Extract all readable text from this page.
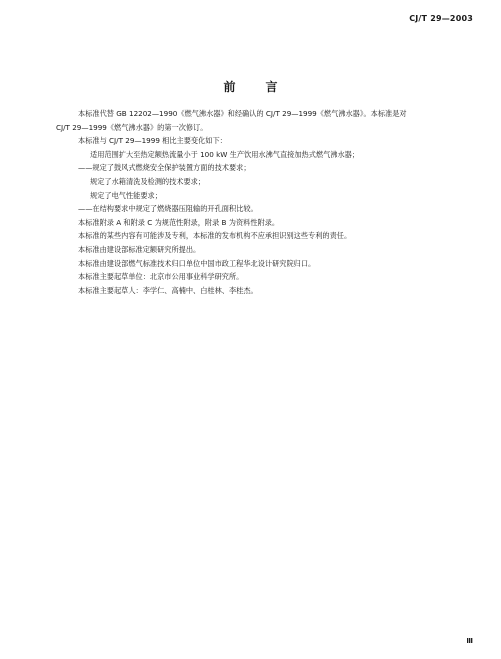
CJ/T 29—2003
前言

本标准代替 GB 12202—1990《燃气沸水器》和经确认的 CJ/T 29—1999《燃气沸水器》。本标准是对

CJ/T 29—1999《燃气沸水器》的第一次修订。

本标准与 CJ/T 29—1999 相比主要变化如下：

适用范围扩大至热定额热流量小于 100 kW 生产饮用水沸气直接加热式燃气沸水器；

——规定了鼓风式燃烧安全保护装置方面的技术要求；

规定了水箱清洗及检测的技术要求；

规定了电气性能要求；

——在结构要求中规定了燃烧器压阻输的开孔面积比较。

本标准附录 A 和附录 C 为规范性附录，附录 B 为资料性附录。

本标准的某些内容有可能涉及专利，本标准的发布机构不应承担识别这些专利的责任。

本标准由建设部标准定额研究所提出。

本标准由建设部燃气标准技术归口单位中国市政工程华北设计研究院归口。

本标准主要起草单位：北京市公用事业科学研究所。

本标准主要起草人：李学仁、高楠中、白桂林、李桂杰。

Ⅲ
